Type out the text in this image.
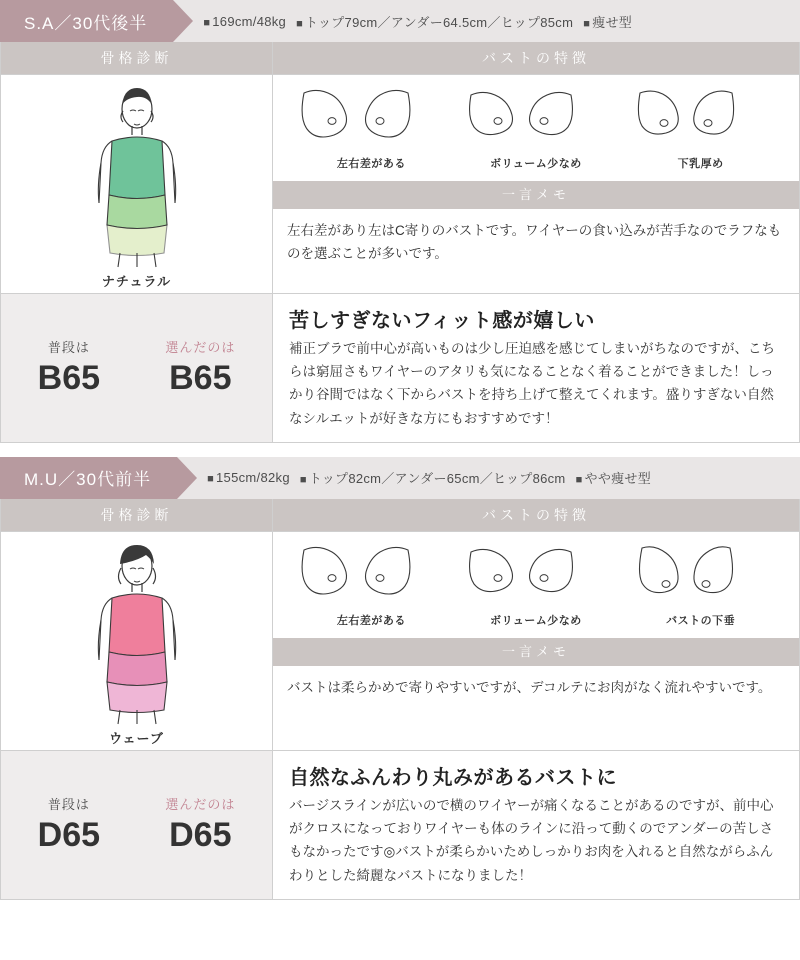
S.A／30代後半	■ 169cm/48kg	■ トップ79cm／アンダー64.5cm／ヒップ85cm	■ 痩せ型
骨格診断
ナチュラル
バストの特徴
左右差がある	ボリューム少なめ	下乳厚め
一言メモ
左右差があり左はC寄りのバストです。ワイヤーの食い込みが苦手なのでラフなものを選ぶことが多いです。
普段は
B65
選んだのは
B65
苦しすぎないフィット感が嬉しい
補正ブラで前中心が高いものは少し圧迫感を感じてしまいがちなのですが、こちらは窮屈さもワイヤーのアタリも気になることなく着ることができました！しっかり谷間ではなく下からバストを持ち上げて整えてくれます。盛りすぎない自然なシルエットが好きな方にもおすすめです！
M.U／30代前半	■ 155cm/82kg	■ トップ82cm／アンダー65cm／ヒップ86cm	■ やや痩せ型
骨格診断
ウェーブ
バストの特徴
左右差がある	ボリューム少なめ	バストの下垂
一言メモ
バストは柔らかめで寄りやすいですが、デコルテにお肉がなく流れやすいです。
普段は
D65
選んだのは
D65
自然なふんわり丸みがあるバストに
バージスラインが広いので横のワイヤーが痛くなることがあるのですが、前中心がクロスになっておりワイヤーも体のラインに沿って動くのでアンダーの苦しさもなかったです◎バストが柔らかいためしっかりお肉を入れると自然ながらふんわりとした綺麗なバストになりました！
